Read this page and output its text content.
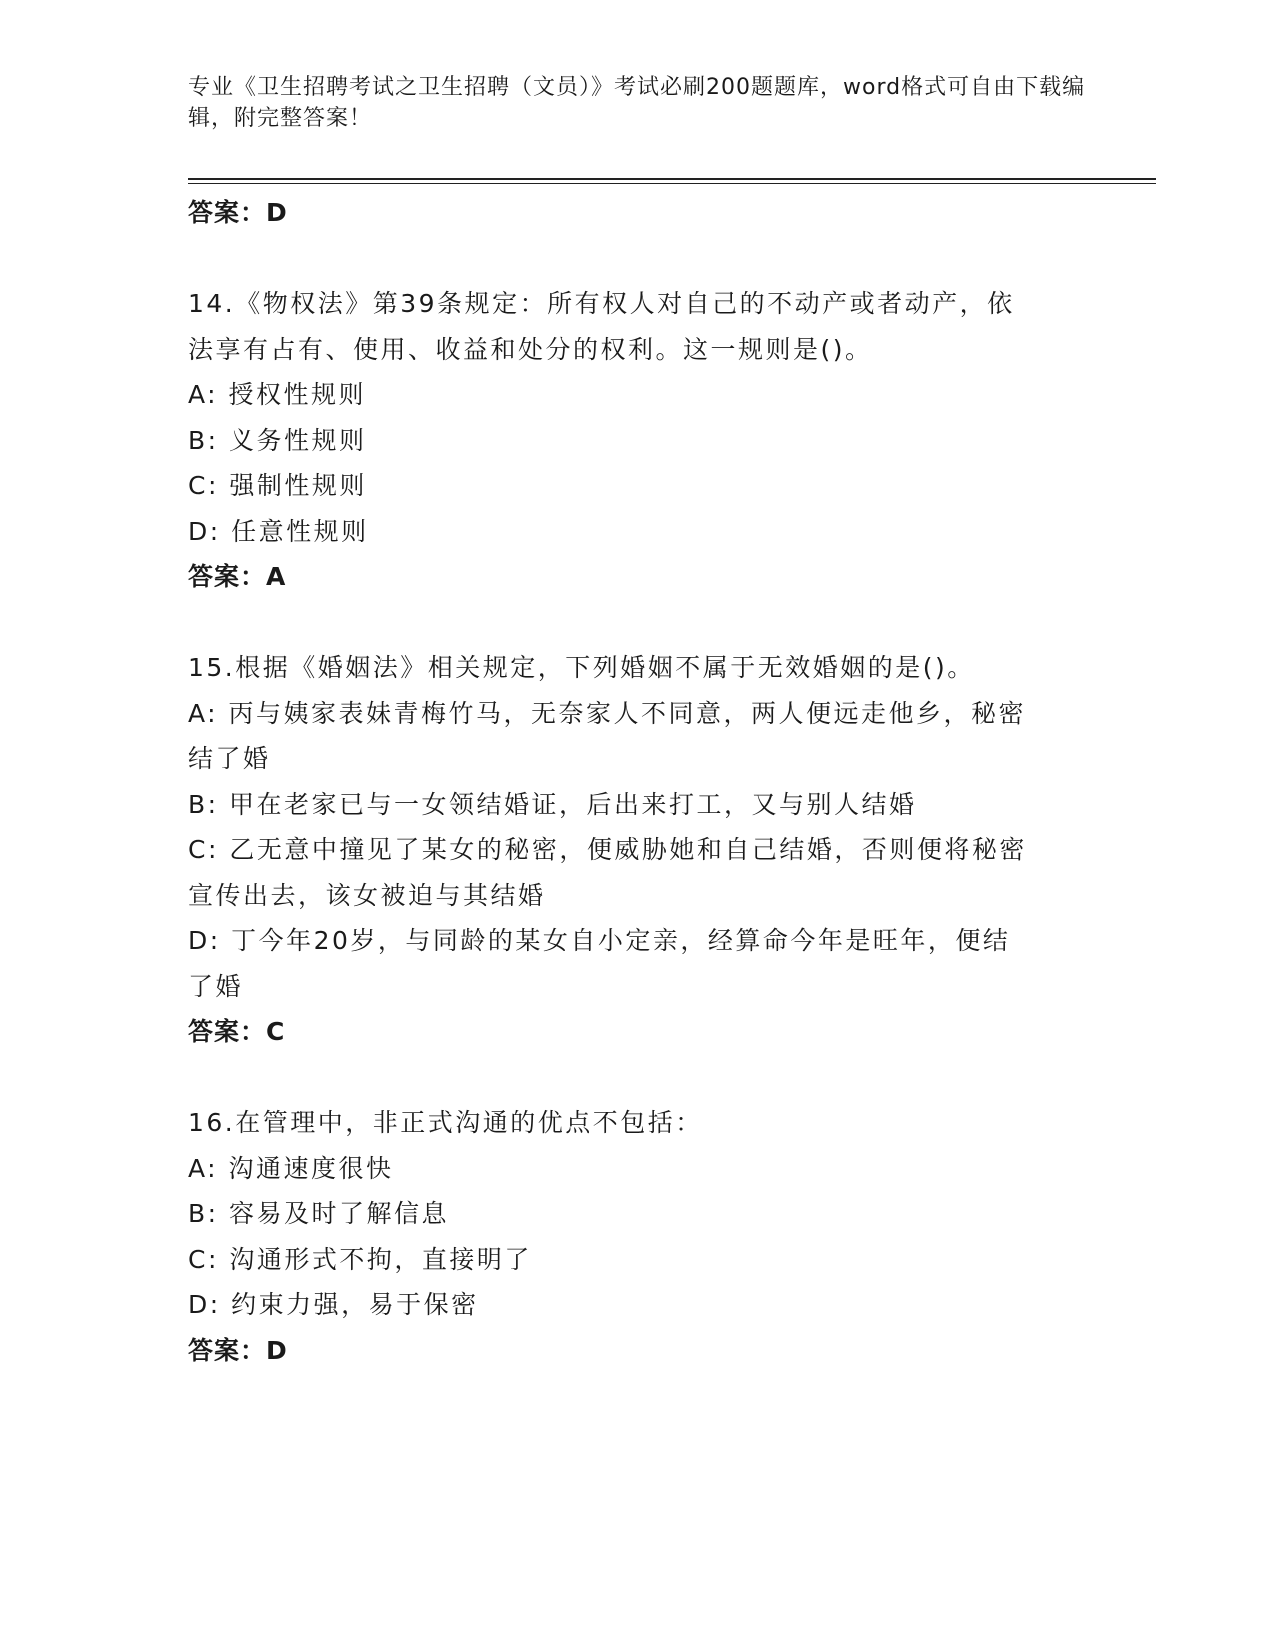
专业《卫生招聘考试之卫生招聘（文员）》考试必刷200题题库，word格式可自由下载编辑，附完整答案！
答案：D
14.《物权法》第39条规定：所有权人对自己的不动产或者动产，依
法享有占有、使用、收益和处分的权利。这一规则是()。
A: 授权性规则
B: 义务性规则
C: 强制性规则
D: 任意性规则
答案：A
15.根据《婚姻法》相关规定，下列婚姻不属于无效婚姻的是()。
A: 丙与姨家表妹青梅竹马，无奈家人不同意，两人便远走他乡，秘密
结了婚
B: 甲在老家已与一女领结婚证，后出来打工，又与别人结婚
C: 乙无意中撞见了某女的秘密，便威胁她和自己结婚，否则便将秘密
宣传出去，该女被迫与其结婚
D: 丁今年20岁，与同龄的某女自小定亲，经算命今年是旺年，便结
了婚
答案：C
16.在管理中，非正式沟通的优点不包括：
A: 沟通速度很快
B: 容易及时了解信息
C: 沟通形式不拘，直接明了
D: 约束力强，易于保密
答案：D
